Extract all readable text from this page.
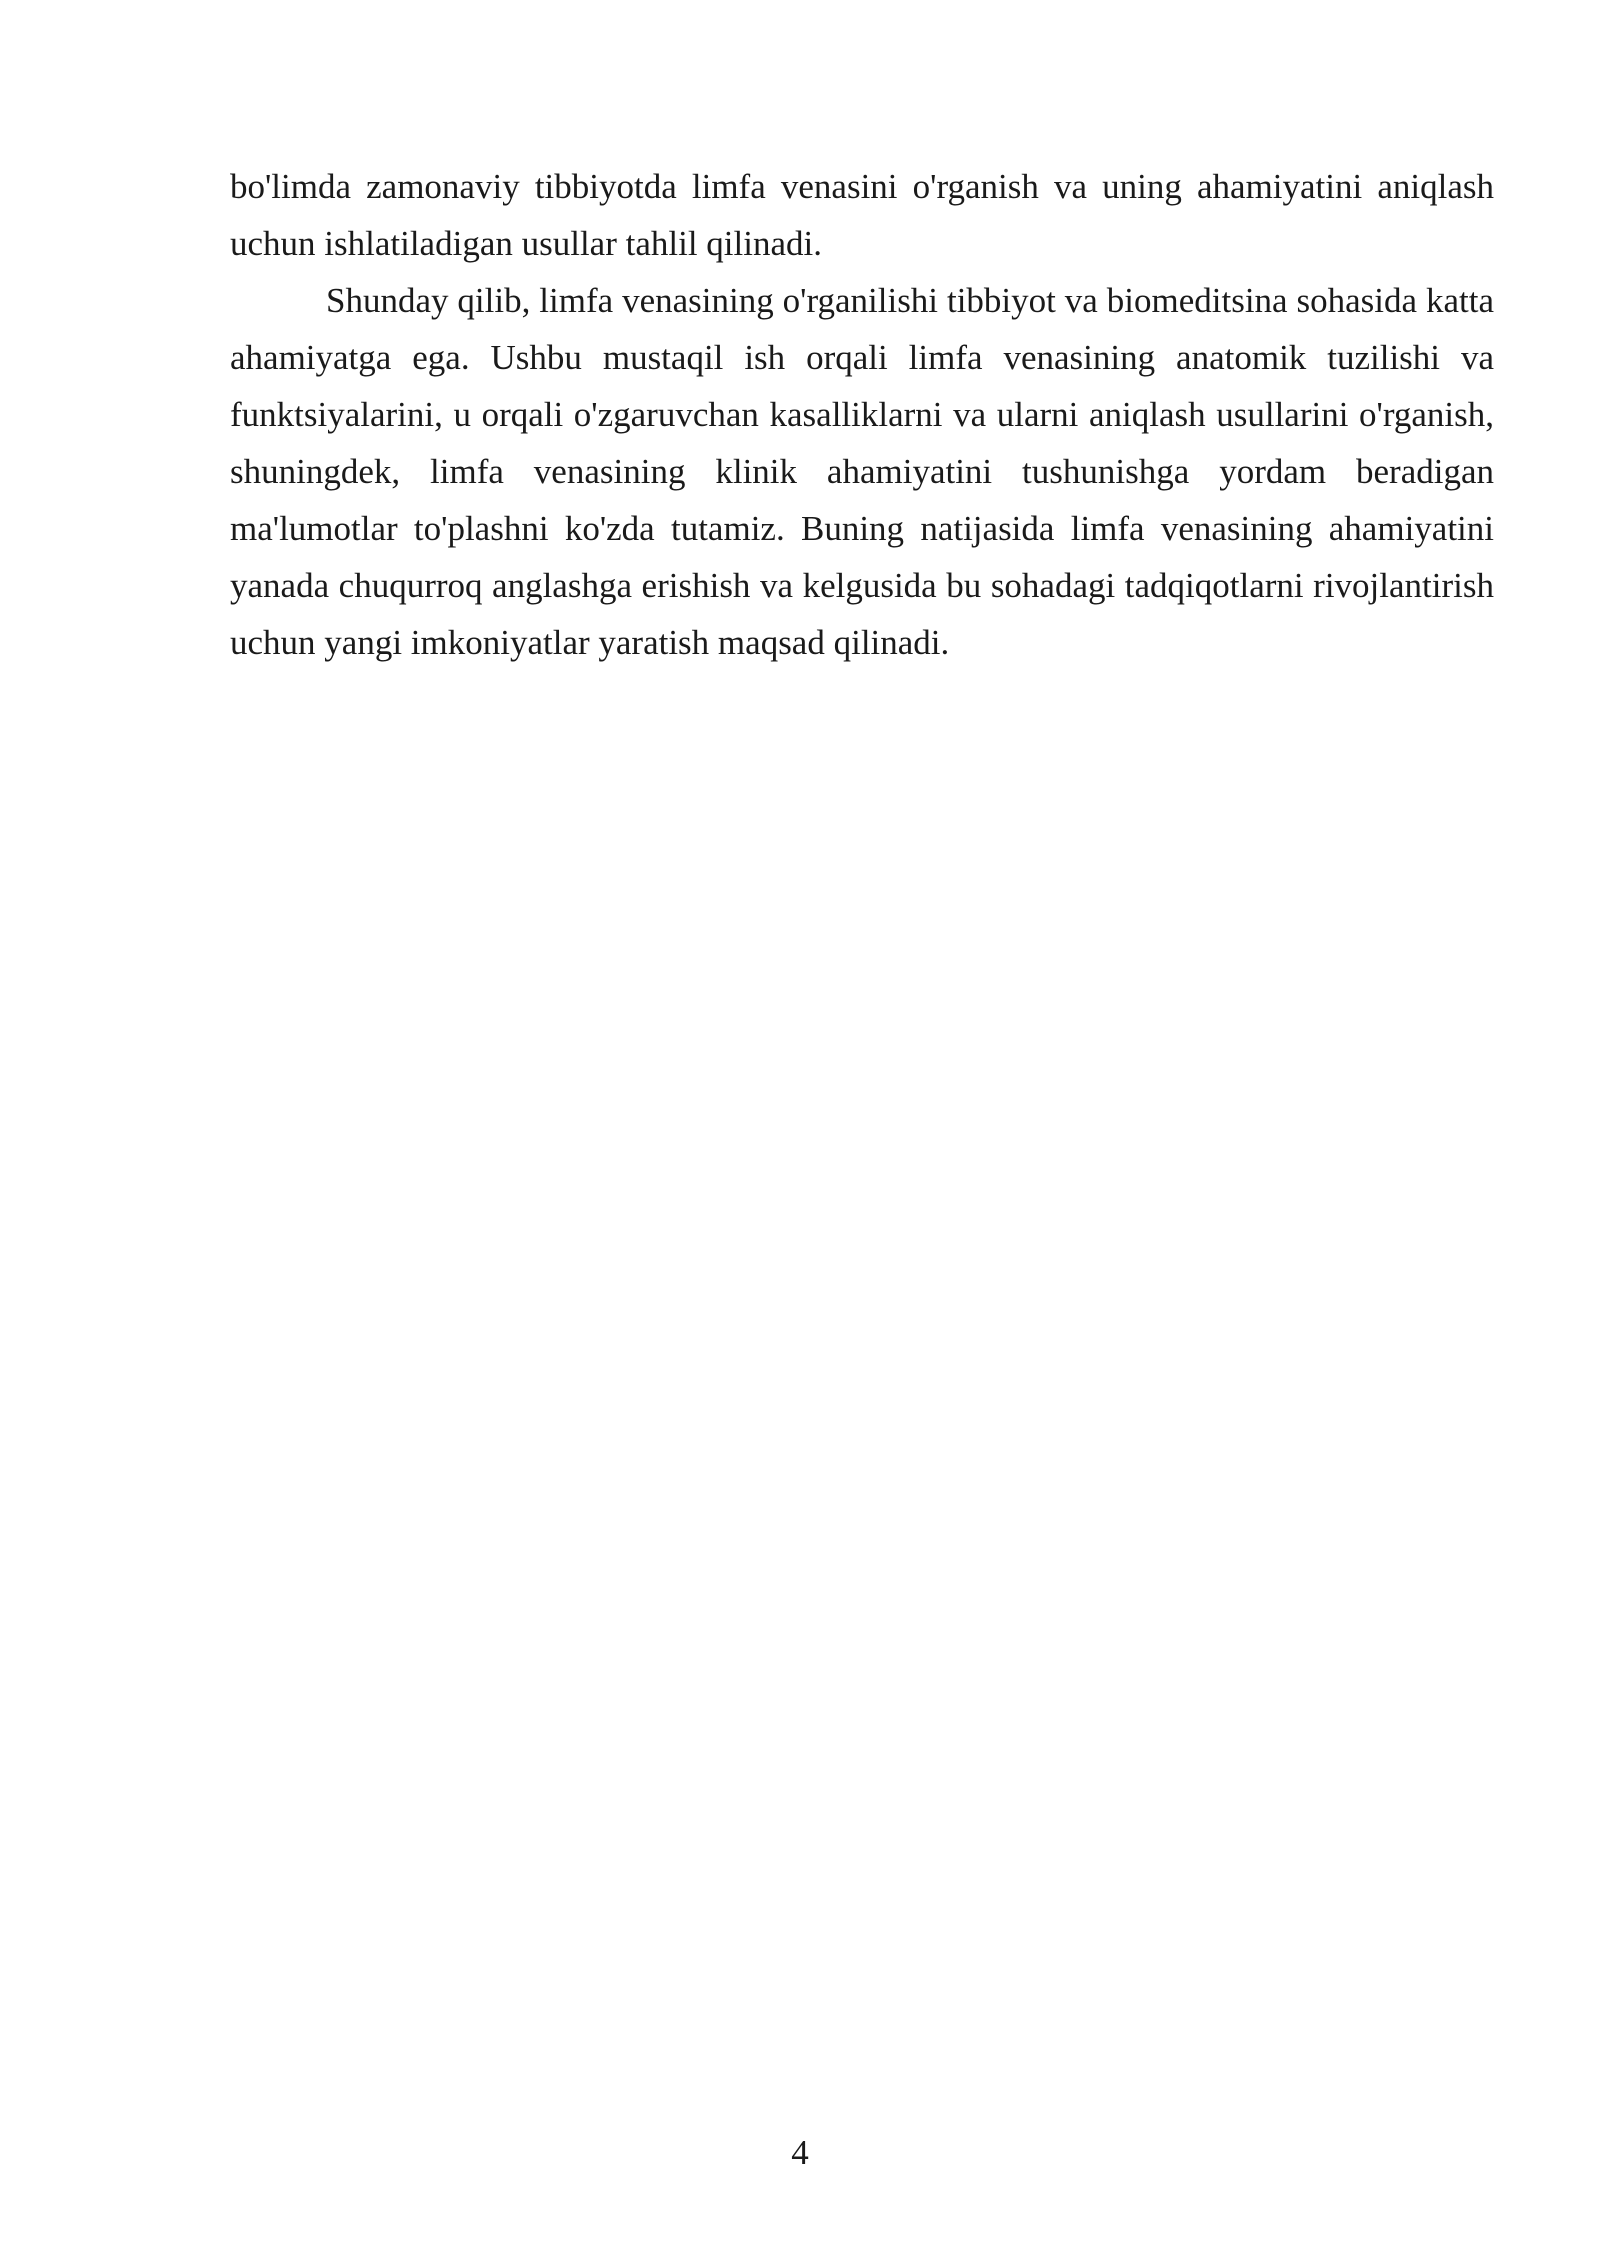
bo'limda zamonaviy tibbiyotda limfa venasini o'rganish va uning ahamiyatini aniqlash uchun ishlatiladigan usullar tahlil qilinadi.

Shunday qilib, limfa venasining o'rganilishi tibbiyot va biomeditsina sohasida katta ahamiyatga ega. Ushbu mustaqil ish orqali limfa venasining anatomik tuzilishi va funktsiyalarini, u orqali o'zgaruvchan kasalliklarni va ularni aniqlash usullarini o'rganish, shuningdek, limfa venasining klinik ahamiyatini tushunishga yordam beradigan ma'lumotlar to'plashni ko'zda tutamiz. Buning natijasida limfa venasining ahamiyatini yanada chuqurroq anglashga erishish va kelgusida bu sohadagi tadqiqotlarni rivojlantirish uchun yangi imkoniyatlar yaratish maqsad qilinadi.

4
